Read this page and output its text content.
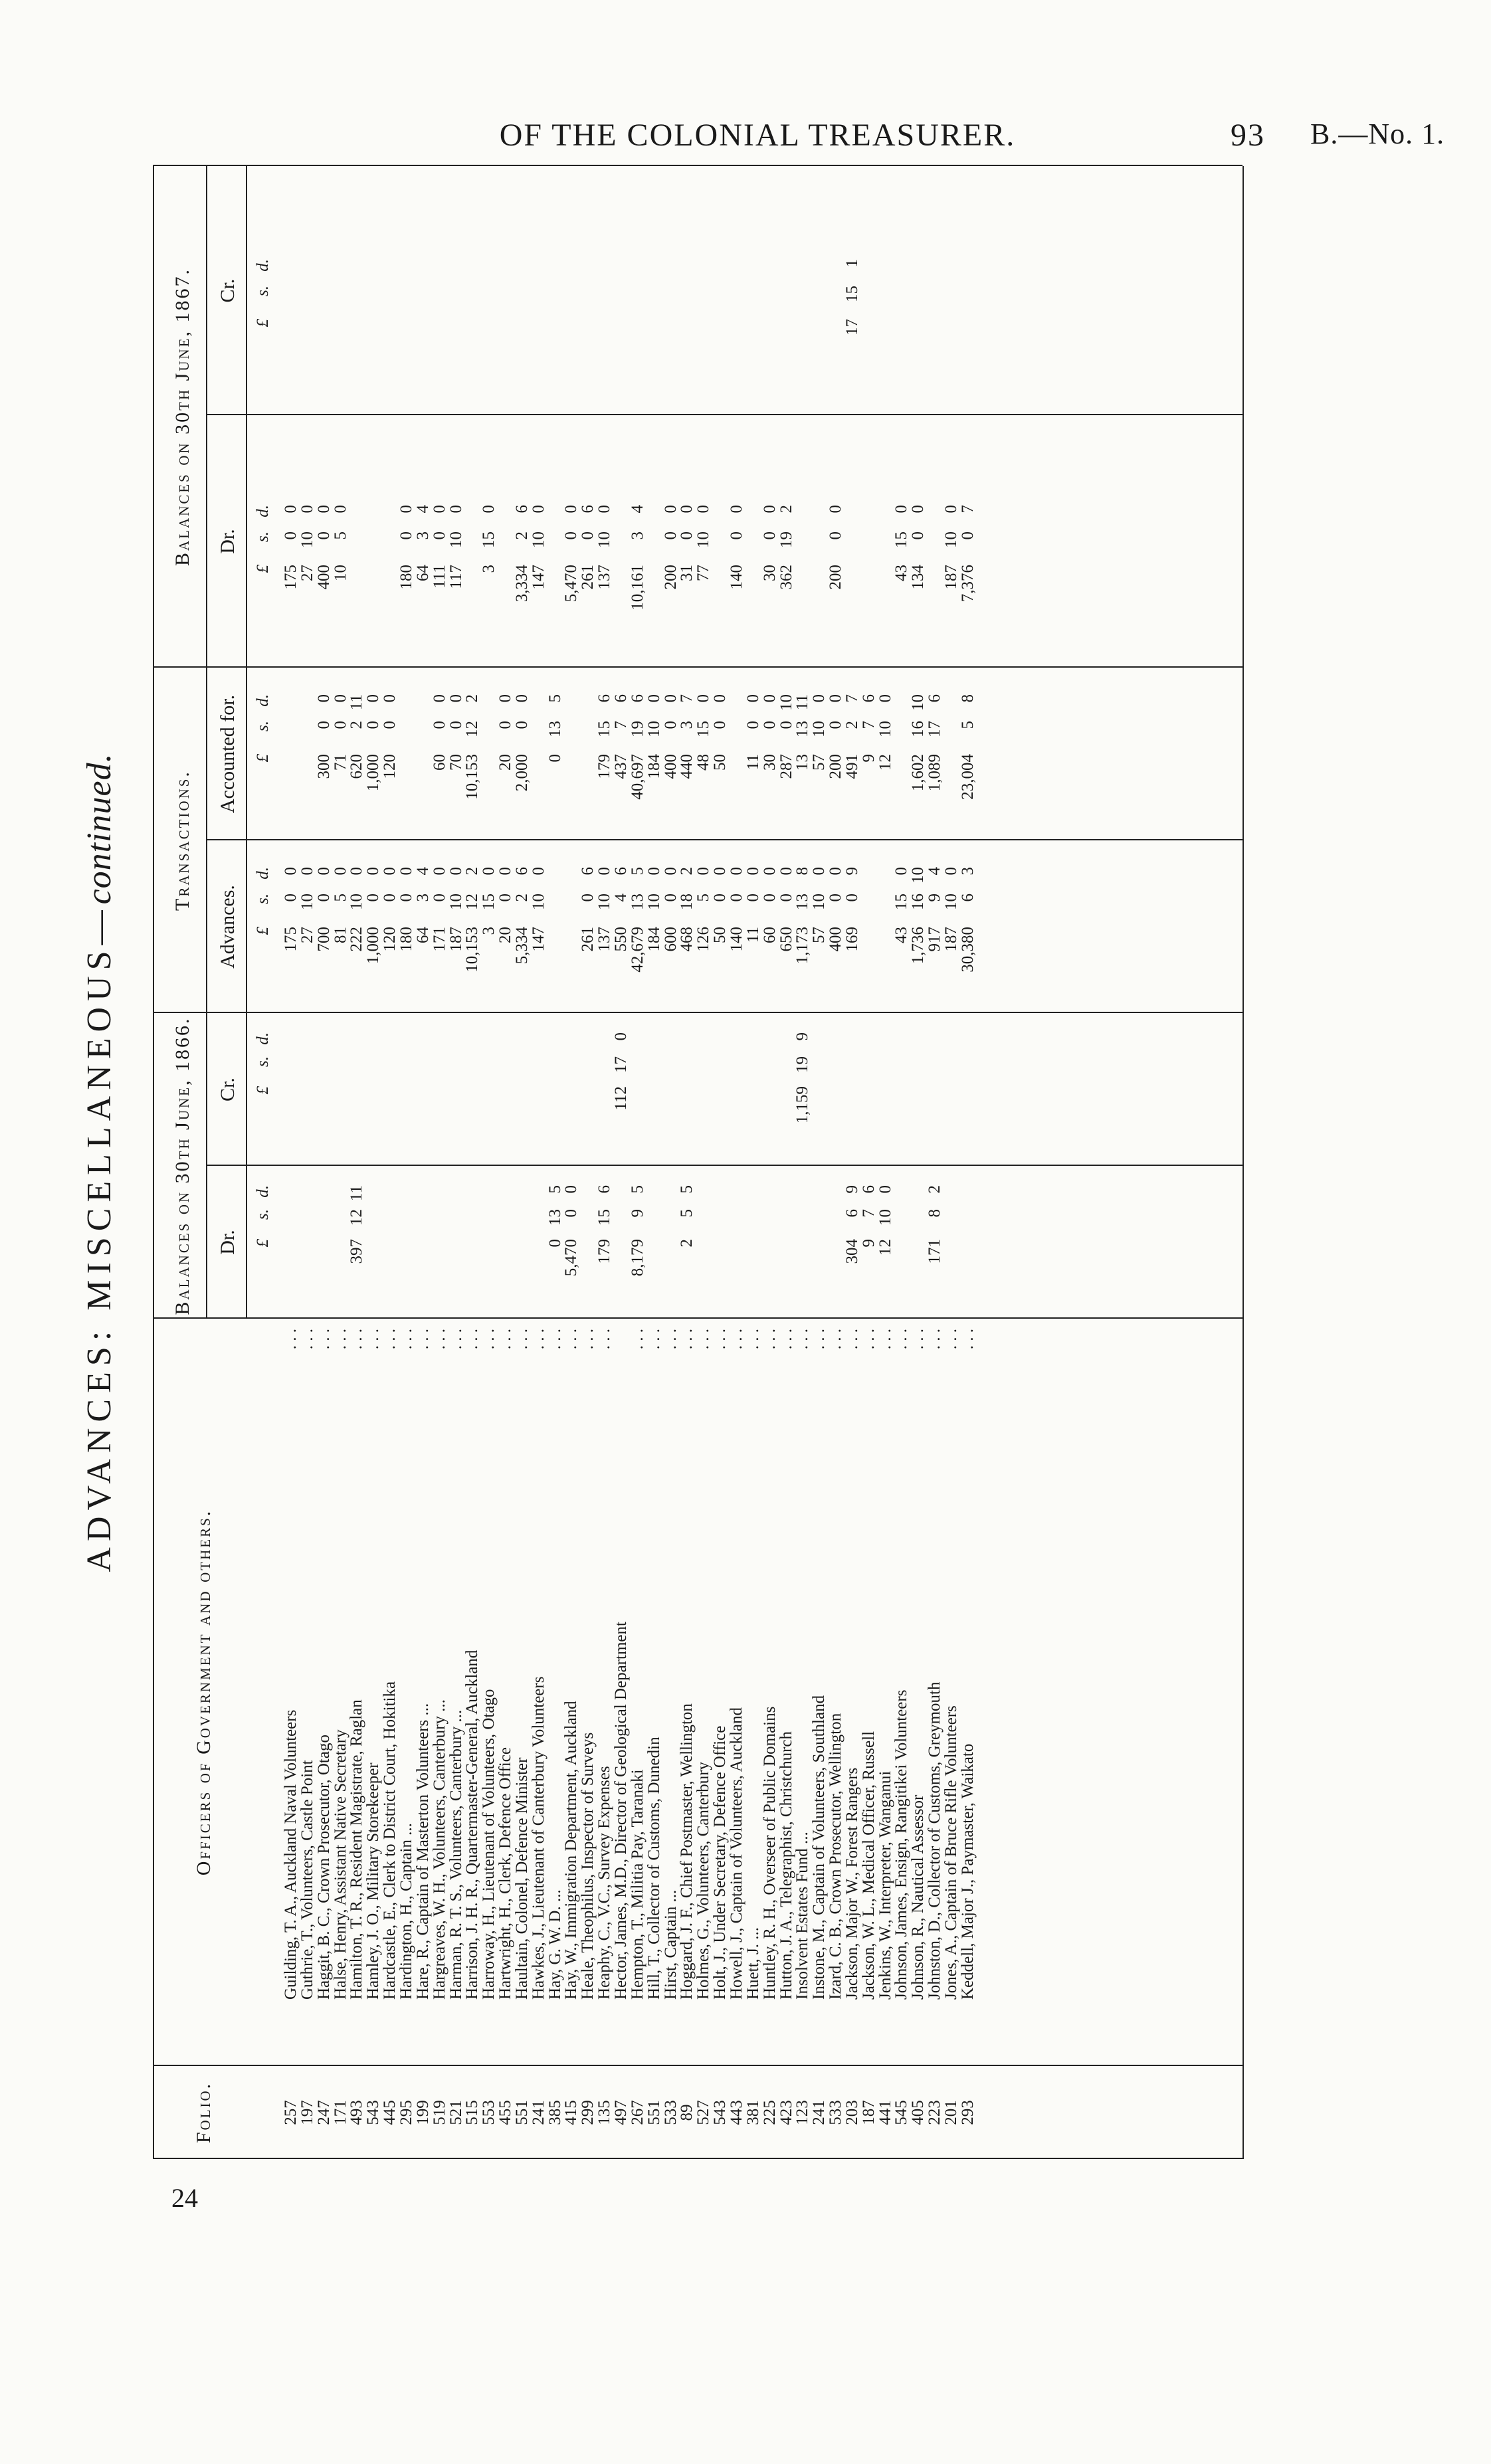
OF THE COLONIAL TREASURER.	93 B.—No. 1.
24
ADVANCES: MISCELLANEOUS—continued.
Folio.
Officers of Government and others.
Balances on 30th June, 1866.
Transactions.
Balances on 30th June, 1867.
Dr.
Cr.
Advances.
Accounted for.
Dr.
Cr.
£
s.
d.
£
s.
d.
£
s.
d.
£
s.
d.
£
s.
d.
£
s.
d.
257
Guilding, T. A., Auckland Naval Volunteers
. . .
175
0
0
175
0
0
197
Guthrie, T., Volunteers, Castle Point
. . .
27
10
0
27
10
0
247
Haggit, B. C., Crown Prosecutor, Otago
. . .
700
0
0
300
0
0
400
0
0
171
Halse, Henry, Assistant Native Secretary
. . .
81
5
0
71
0
0
10
5
0
493
Hamilton, T. R., Resident Magistrate, Raglan
. . .
397
12
11
222
10
0
620
2
11
543
Hamley, J. O., Military Storekeeper
. . .
1,000
0
0
1,000
0
0
445
Hardcastle, E., Clerk to District Court, Hokitika
. . .
120
0
0
120
0
0
295
Hardington, H., Captain ...
. . .
180
0
0
180
0
0
199
Hare, R., Captain of Masterton Volunteers ...
. . .
64
3
4
64
3
4
519
Hargreaves, W. H., Volunteers, Canterbury ...
. . .
171
0
0
60
0
0
111
0
0
521
Harman, R. T. S., Volunteers, Canterbury ...
. . .
187
10
0
70
0
0
117
10
0
515
Harrison, J. H. R., Quartermaster-General, Auckland
. . .
10,153
12
2
10,153
12
2
553
Harroway, H., Lieutenant of Volunteers, Otago
. . .
3
15
0
3
15
0
455
Hartwright, H., Clerk, Defence Office
. . .
20
0
0
20
0
0
551
Haultain, Colonel, Defence Minister
. . .
5,334
2
6
2,000
0
0
3,334
2
6
241
Hawkes, J., Lieutenant of Canterbury Volunteers
. . .
147
10
0
147
10
0
385
Hay, G. W. D. ...
. . .
0
13
5
0
13
5
415
Hay, W., Immigration Department, Auckland
. . .
5,470
0
0
5,470
0
0
299
Heale, Theophilus, Inspector of Surveys
. . .
261
0
6
261
0
6
135
Heaphy, C., V.C., Survey Expenses
. . .
179
15
6
137
10
0
179
15
6
137
10
0
497
Hector, James, M.D., Director of Geological Department
112
17
0
550
4
6
437
7
6
267
Hempton, T., Militia Pay, Taranaki
. . .
8,179
9
5
42,679
13
5
40,697
19
6
10,161
3
4
551
Hill, T., Collector of Customs, Dunedin
. . .
184
10
0
184
10
0
533
Hirst, Captain ...
. . .
600
0
0
400
0
0
200
0
0
89
Hoggard, J. F., Chief Postmaster, Wellington
. . .
2
5
5
468
18
2
440
3
7
31
0
0
527
Holmes, G., Volunteers, Canterbury
. . .
126
5
0
48
15
0
77
10
0
543
Holt, J., Under Secretary, Defence Office
. . .
50
0
0
50
0
0
443
Howell, J., Captain of Volunteers, Auckland
. . .
140
0
0
140
0
0
381
Huett, J. ...
. . .
11
0
0
11
0
0
225
Huntley, R. H., Overseer of Public Domains
. . .
60
0
0
30
0
0
30
0
0
423
Hutton, J. A., Telegraphist, Christchurch
. . .
650
0
0
287
0
10
362
19
2
123
Insolvent Estates Fund ...
. . .
1,159
19
9
1,173
13
8
13
13
11
241
Instone, M., Captain of Volunteers, Southland
. . .
57
10
0
57
10
0
533
Izard, C. B., Crown Prosecutor, Wellington
. . .
400
0
0
200
0
0
200
0
0
203
Jackson, Major W., Forest Rangers
. . .
304
6
9
169
0
9
491
2
7
17
15
1
187
Jackson, W. L., Medical Officer, Russell
. . .
9
7
6
9
7
6
441
Jenkins, W., Interpreter, Wanganui
. . .
12
10
0
12
10
0
545
Johnson, James, Ensign, Rangitikei Volunteers
. . .
43
15
0
43
15
0
405
Johnson, R., Nautical Assessor
. . .
1,736
16
10
1,602
16
10
134
0
0
223
Johnston, D., Collector of Customs, Greymouth
. . .
171
8
2
917
9
4
1,089
17
6
201
Jones, A., Captain of Bruce Rifle Volunteers
. . .
187
10
0
187
10
0
293
Keddell, Major J., Paymaster, Waikato
. . .
30,380
6
3
23,004
5
8
7,376
0
7
